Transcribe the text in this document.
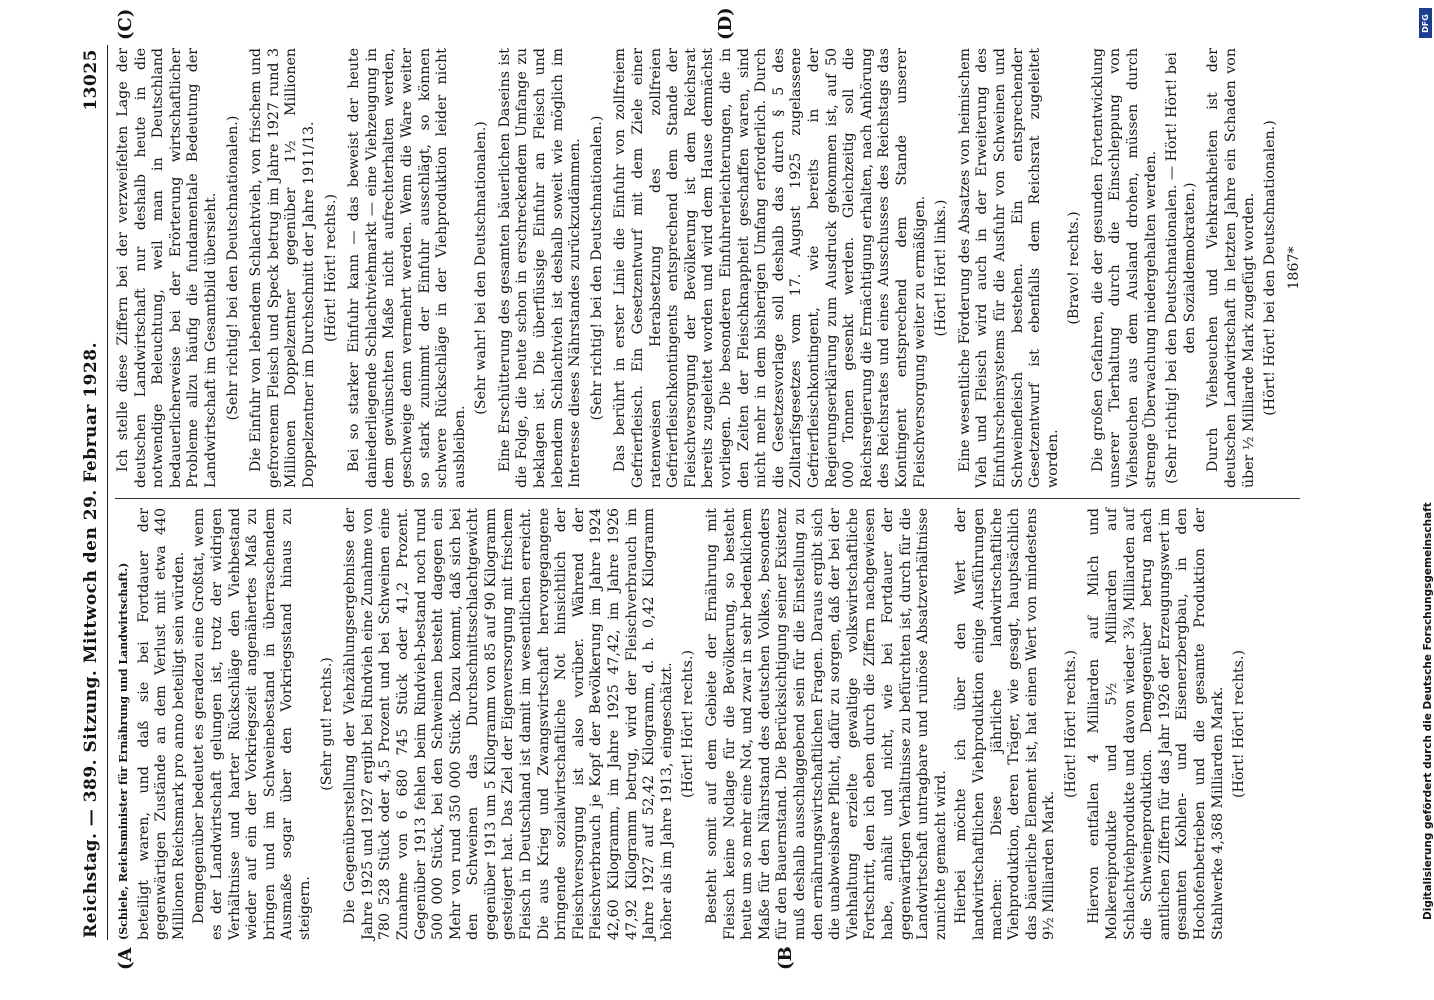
Reichstag. — 389. Sitzung. Mittwoch den 29. Februar 1928.
13025

(Schiele, Reichsminister für Ernährung und Landwirtschaft.) beteiligt waren, und daß sie bei Fortdauer der gegenwärtigen Zustände an dem Verlust mit etwa 440 Millionen Reichsmark pro anno beteiligt sein würden. Demgegenüber bedeutet es geradezu eine Großtat, wenn es der Landwirtschaft gelungen ist, trotz der widrigen Verhältnisse und harter Rückschläge den Viehbestand wieder auf ein der Vorkriegszeit angenähertes Maß zu bringen und im Schweinebestand in überraschendem Ausmaße sogar über den Vorkriegsstand hinaus zu steigern.

(Sehr gut! rechts.) Die Gegenüberstellung der Viehzählungsergebnisse der Jahre 1925 und 1927 ergibt bei Rindvieh eine Zunahme von 780 528 Stück oder 4,5 Prozent und bei Schweinen eine Zunahme von 6 680 745 Stück oder 41,2 Prozent. Gegenüber 1913 fehlen beim Rindvieh-bestand noch rund 500 000 Stück, bei den Schweinen besteht dagegen ein Mehr von rund 350 000 Stück. Dazu kommt, daß sich bei den Schweinen das Durchschnittsschlachtgewicht gegenüber 1913 um 5 Kilogramm von 85 auf 90 Kilogramm gesteigert hat. Das Ziel der Eigenversorgung mit frischem Fleisch in Deutschland ist damit im wesentlichen erreicht. Die aus Krieg und Zwangswirtschaft hervorgegangene bringende sozialwirtschaftliche Not hinsichtlich der Fleischversorgung ist also vorüber. Während der Fleischverbrauch je Kopf der Bevölkerung im Jahre 1924 42,60 Kilogramm, im Jahre 1925 47,42, im Jahre 1926 47,92 Kilogramm betrug, wird der Fleischverbrauch im Jahre 1927 auf 52,42 Kilogramm, d. h. 0,42 Kilogramm höher als im Jahre 1913, eingeschätzt. (Hört! Hört! rechts.) Besteht somit auf dem Gebiete der Ernährung mit Fleisch keine Notlage für die Bevölkerung, so besteht heute um so mehr eine Not, und zwar in sehr bedenklichem Maße für den Nährstand des deutschen Volkes, besonders für den Bauernstand. Die Berücksichtigung seiner Existenz muß deshalb ausschlaggebend sein für die Einstellung zu den ernährungswirtschaftlichen Fragen. Daraus ergibt sich die unabweisbare Pflicht, dafür zu sorgen, daß der bei der Viehhaltung erzielte gewaltige volkswirtschaftliche Fortschritt, den ich eben durch die Ziffern nachgewiesen habe, anhält und nicht, wie bei Fortdauer der gegenwärtigen Verhältnisse zu befürchten ist, durch für die Landwirtschaft untragbare und ruinöse Absatzverhältnisse zunichte gemacht wird. Hierbei möchte ich über den Wert der landwirtschaftlichen Viehproduktion einige Ausführungen machen: Diese jährliche landwirtschaftliche Viehproduktion, deren Träger, wie gesagt, hauptsächlich das bäuerliche Element ist, hat einen Wert von mindestens 9½ Milliarden Mark.

(Hört! Hört! rechts.) Hiervon entfallen 4 Milliarden auf Milch und Molkereiprodukte und 5½ Milliarden auf Schlachtviehprodukte und davon wieder 3¾ Milliarden auf die Schweineproduktion. Demgegenüber betrug nach amtlichen Ziffern für das Jahr 1926 der Erzeugungswert im gesamten Kohlen- und Eisenerzbergbau, in den Hochofenbetrieben und die gesamte Produktion der Stahlwerke 4,368 Milliarden Mark. (Hört! Hört! rechts.)

Ich stelle diese Ziffern bei der verzweifelten Lage der deutschen Landwirtschaft nur deshalb heute in die notwendige Beleuchtung, weil man in Deutschland bedauerlicherweise bei der Erörterung wirtschaftlicher Probleme allzu häufig die fundamentale Bedeutung der Landwirtschaft im Gesamtbild übersieht. (Sehr richtig! bei den Deutschnationalen.) Die Einfuhr von lebendem Schlachtvieh, von frischem und gefrorenem Fleisch und Speck betrug im Jahre 1927 rund 3 Millionen Doppelzentner gegenüber 1½ Millionen Doppelzentner im Durchschnitt der Jahre 1911/13. (Hört! Hört! rechts.) Bei so starker Einfuhr kann — das beweist der heute daniederliegende Schlachtviehmarkt — eine Viehzeugung in dem gewünschten Maße nicht aufrechterhalten werden, geschweige denn vermehrt werden. Wenn die Ware weiter so stark zunimmt der Einfuhr ausschlägt, so können schwere Rückschläge in der Viehproduktion leider nicht ausbleiben.

(Sehr wahr! bei den Deutschnationalen.) Eine Erschütterung des gesamten bäuerlichen Daseins ist die Folge, die heute schon in erschreckendem Umfange zu beklagen ist. Die überflüssige Einfuhr an Fleisch und lebendem Schlachtvieh ist deshalb soweit wie möglich im Interesse dieses Nährstandes zurückzudämmen. (Sehr richtig! bei den Deutschnationalen.) Das berührt in erster Linie die Einfuhr von zollfreiem Gefrierfleisch. Ein Gesetzentwurf mit dem Ziele einer ratenweisen Herabsetzung des zollfreien Gefrierfleischkontingents entsprechend dem Stande der Fleischversorgung der Bevölkerung ist dem Reichsrat bereits zugeleitet worden und wird dem Hause demnächst vorliegen. Die besonderen Einfuhrerleichterungen, die in den Zeiten der Fleischknappheit geschaffen waren, sind nicht mehr in dem bisherigen Umfang erforderlich. Durch die Gesetzesvorlage soll deshalb das durch § 5 des Zolltarifsgesetzes vom 17. August 1925 zugelassene Gefrierfleischkontingent, wie bereits in der Regierungserklärung zum Ausdruck gekommen ist, auf 50 000 Tonnen gesenkt werden. Gleichzeitig soll die Reichsregierung die Ermächtigung erhalten, nach Anhörung des Reichsrates und eines Ausschusses des Reichstags das Kontingent entsprechend dem Stande unserer Fleischversorgung weiter zu ermäßigen. (Hört! Hört! links.) Eine wesentliche Förderung des Absatzes von heimischem Vieh und Fleisch wird auch in der Erweiterung des Einfuhrscheinsystems für die Ausfuhr von Schweinen und Schweinefleisch bestehen. Ein entsprechender Gesetzentwurf ist ebenfalls dem Reichsrat zugeleitet worden.

(Bravo! rechts.) Die großen Gefahren, die der gesunden Fortentwicklung unserer Tierhaltung durch die Einschleppung von Viehseuchen aus dem Ausland drohen, müssen durch strenge Überwachung niedergehalten werden. (Sehr richtig! bei den Deutschnationalen. — Hört! Hört! bei den Sozialdemokraten.) Durch Viehseuchen und Viehkrankheiten ist der deutschen Landwirtschaft in letzten Jahre ein Schaden von über ½ Milliarde Mark zugefügt worden. (Hört! Hört! bei den Deutschnationalen.) 1867*

(A	(B
(C)	(D)	DFG
Digitalisierung gefördert durch die Deutsche Forschungsgemeinschaft
